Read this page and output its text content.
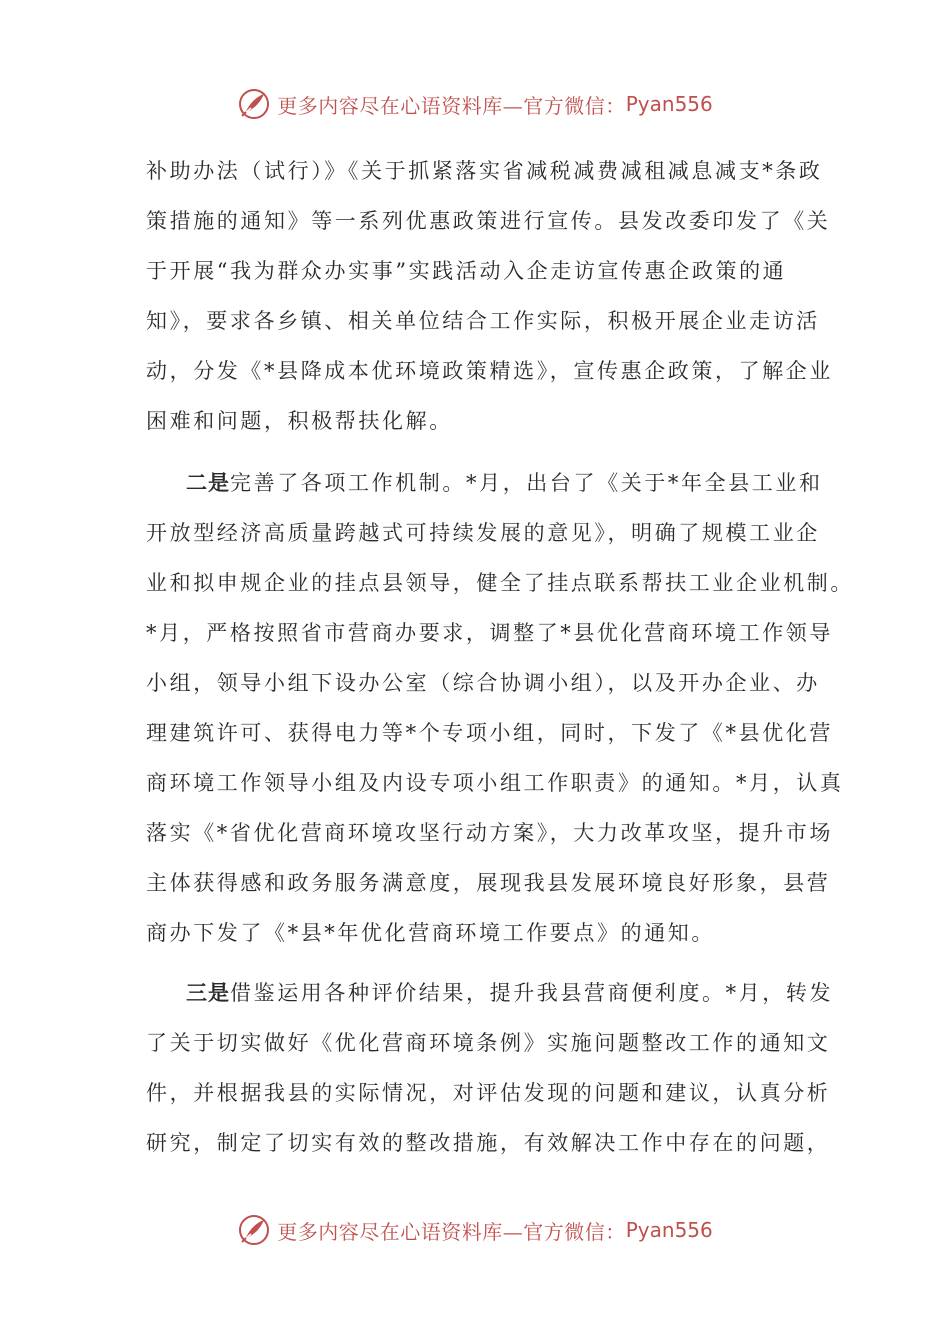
更多内容尽在心语资料库—官方微信： Pyan556

补助办法（试行）》《关于抓紧落实省减税减费减租减息减支*条政
策措施的通知》等一系列优惠政策进行宣传。县发改委印发了《关
于开展“我为群众办实事”实践活动入企走访宣传惠企政策的通
知》，要求各乡镇、相关单位结合工作实际，积极开展企业走访活
动，分发《*县降成本优环境政策精选》，宣传惠企政策，了解企业
困难和问题，积极帮扶化解。

二是完善了各项工作机制。*月，出台了《关于*年全县工业和
开放型经济高质量跨越式可持续发展的意见》，明确了规模工业企
业和拟申规企业的挂点县领导，健全了挂点联系帮扶工业企业机制。
*月，严格按照省市营商办要求，调整了*县优化营商环境工作领导
小组，领导小组下设办公室（综合协调小组），以及开办企业、办
理建筑许可、获得电力等*个专项小组，同时，下发了《*县优化营
商环境工作领导小组及内设专项小组工作职责》的通知。*月，认真
落实《*省优化营商环境攻坚行动方案》，大力改革攻坚，提升市场
主体获得感和政务服务满意度，展现我县发展环境良好形象，县营
商办下发了《*县*年优化营商环境工作要点》的通知。

三是借鉴运用各种评价结果，提升我县营商便利度。*月，转发
了关于切实做好《优化营商环境条例》实施问题整改工作的通知文
件，并根据我县的实际情况，对评估发现的问题和建议，认真分析
研究，制定了切实有效的整改措施，有效解决工作中存在的问题，

更多内容尽在心语资料库—官方微信： Pyan556
